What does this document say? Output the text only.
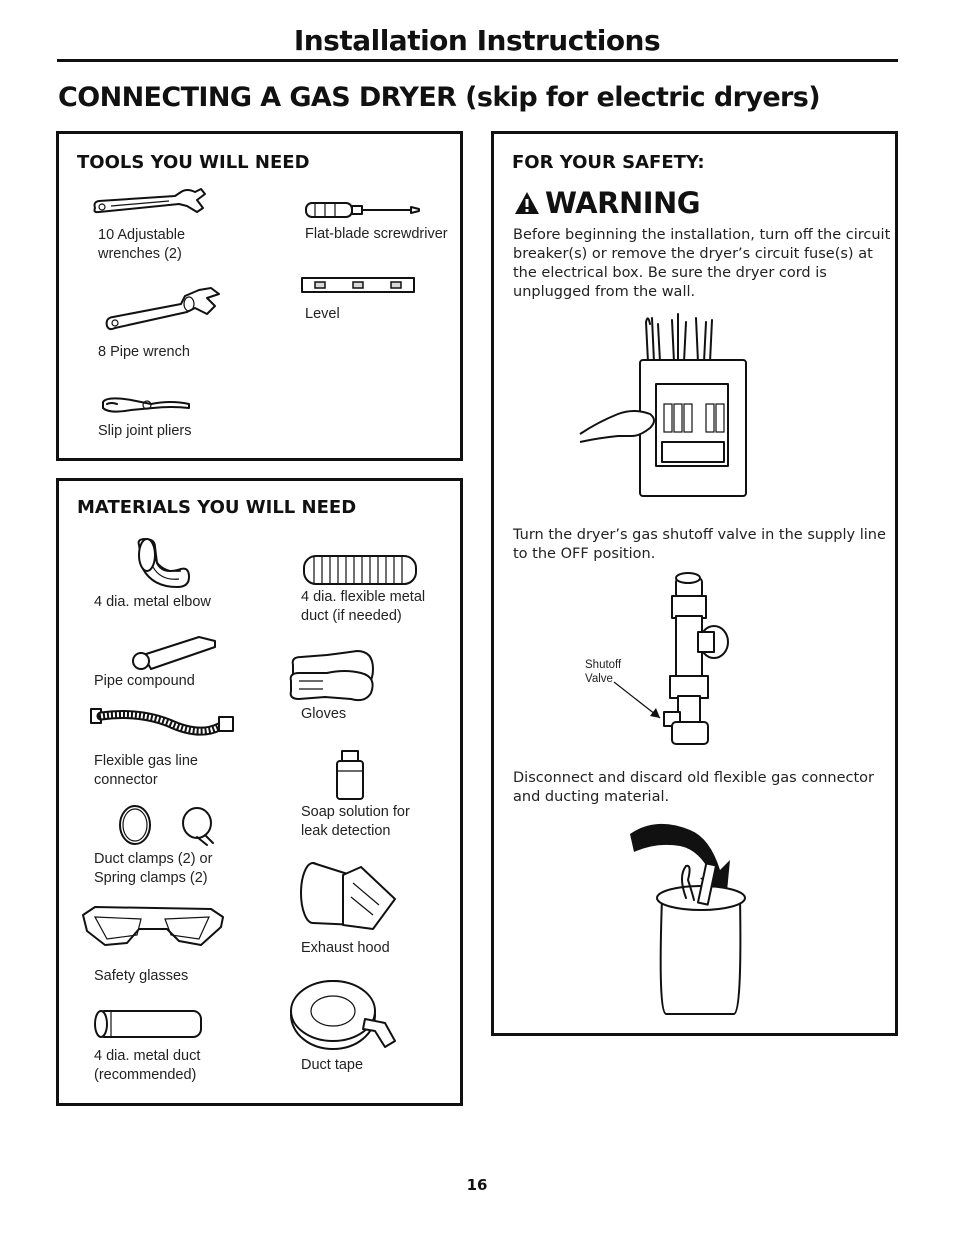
Installation Instructions
CONNECTING A GAS DRYER (skip for electric dryers)
TOOLS YOU WILL NEED
10 Adjustable
wrenches (2)
Flat-blade screwdriver
Level
8 Pipe wrench
Slip joint pliers
MATERIALS YOU WILL NEED
4 dia. metal elbow	4 dia. flexible metal
duct (if needed)
Pipe compound
Gloves
Flexible gas line
connector
Soap solution for
leak detection
Duct clamps (2) or
Spring clamps (2)
Exhaust hood
Safety glasses
Duct tape
4 dia. metal duct
(recommended)
FOR YOUR SAFETY:
WARNING
Before beginning the installation, turn off the circuit breaker(s) or remove the dryer’s circuit fuse(s) at the electrical box. Be sure the dryer cord is unplugged from the wall.
Turn the dryer’s gas shutoff valve in the supply line to the OFF position.
Shutoff
Valve
Disconnect and discard old flexible gas connector and ducting material.
16
